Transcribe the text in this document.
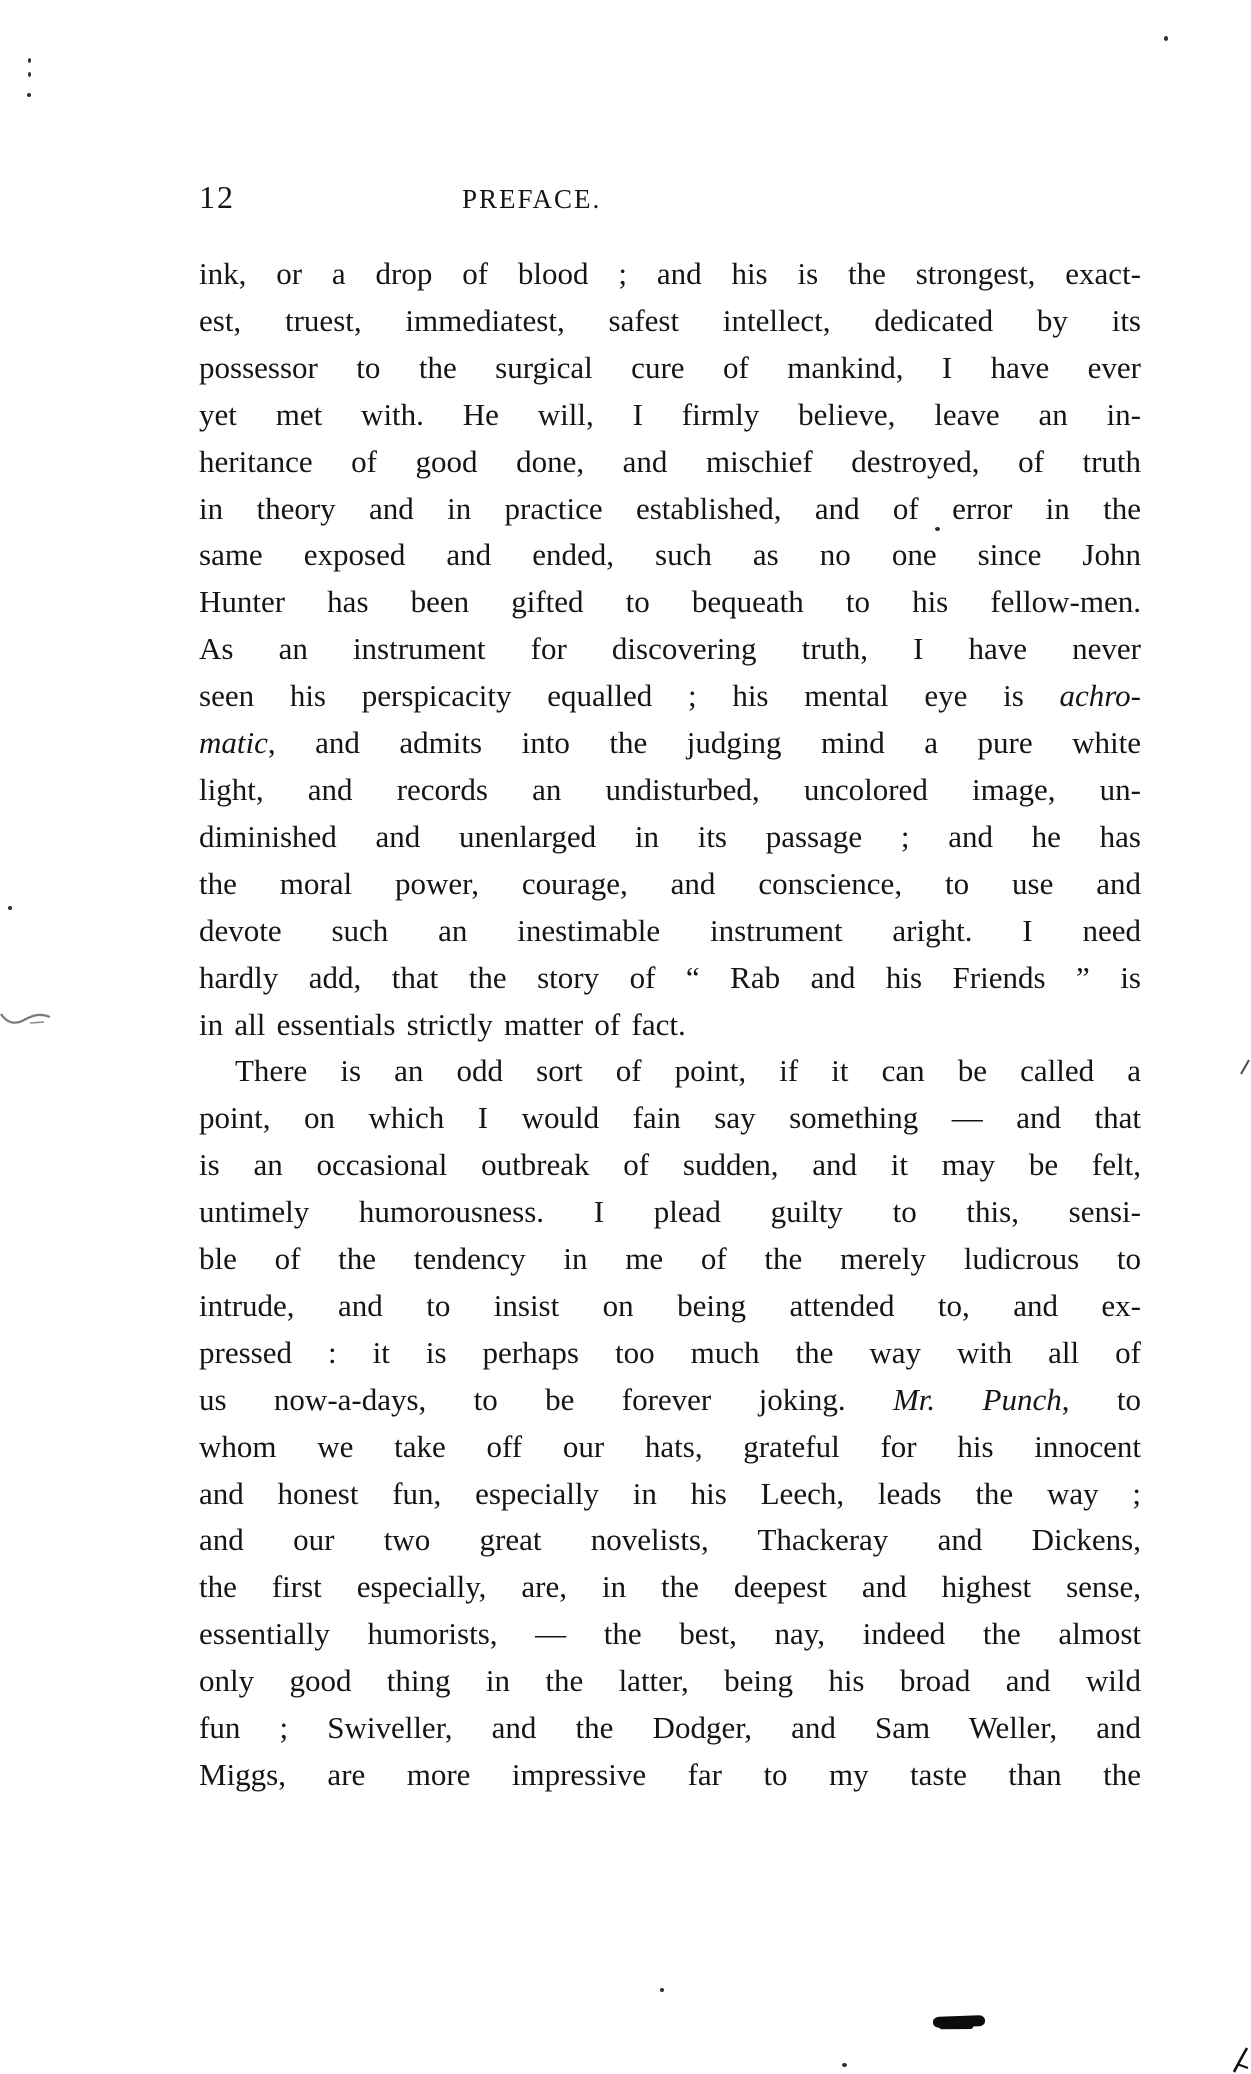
12	PREFACE.
ink, or a drop of blood ; and his is the strongest, exact-
est, truest, immediatest, safest intellect, dedicated by its
possessor to the surgical cure of mankind, I have ever
yet met with. He will, I firmly believe, leave an in-
heritance of good done, and mischief destroyed, of truth
in theory and in practice established, and of error in the
same exposed and ended, such as no one since John
Hunter has been gifted to bequeath to his fellow-men.
As an instrument for discovering truth, I have never
seen his perspicacity equalled ; his mental eye is achro-
matic, and admits into the judging mind a pure white
light, and records an undisturbed, uncolored image, un-
diminished and unenlarged in its passage ; and he has
the moral power, courage, and conscience, to use and
devote such an inestimable instrument aright. I need
hardly add, that the story of “ Rab and his Friends ” is
in all essentials strictly matter of fact.
There is an odd sort of point, if it can be called a
point, on which I would fain say something — and that
is an occasional outbreak of sudden, and it may be felt,
untimely humorousness. I plead guilty to this, sensi-
ble of the tendency in me of the merely ludicrous to
intrude, and to insist on being attended to, and ex-
pressed : it is perhaps too much the way with all of
us now-a-days, to be forever joking. Mr. Punch, to
whom we take off our hats, grateful for his innocent
and honest fun, especially in his Leech, leads the way ;
and our two great novelists, Thackeray and Dickens,
the first especially, are, in the deepest and highest sense,
essentially humorists, — the best, nay, indeed the almost
only good thing in the latter, being his broad and wild
fun ; Swiveller, and the Dodger, and Sam Weller, and
Miggs, are more impressive far to my taste than the
